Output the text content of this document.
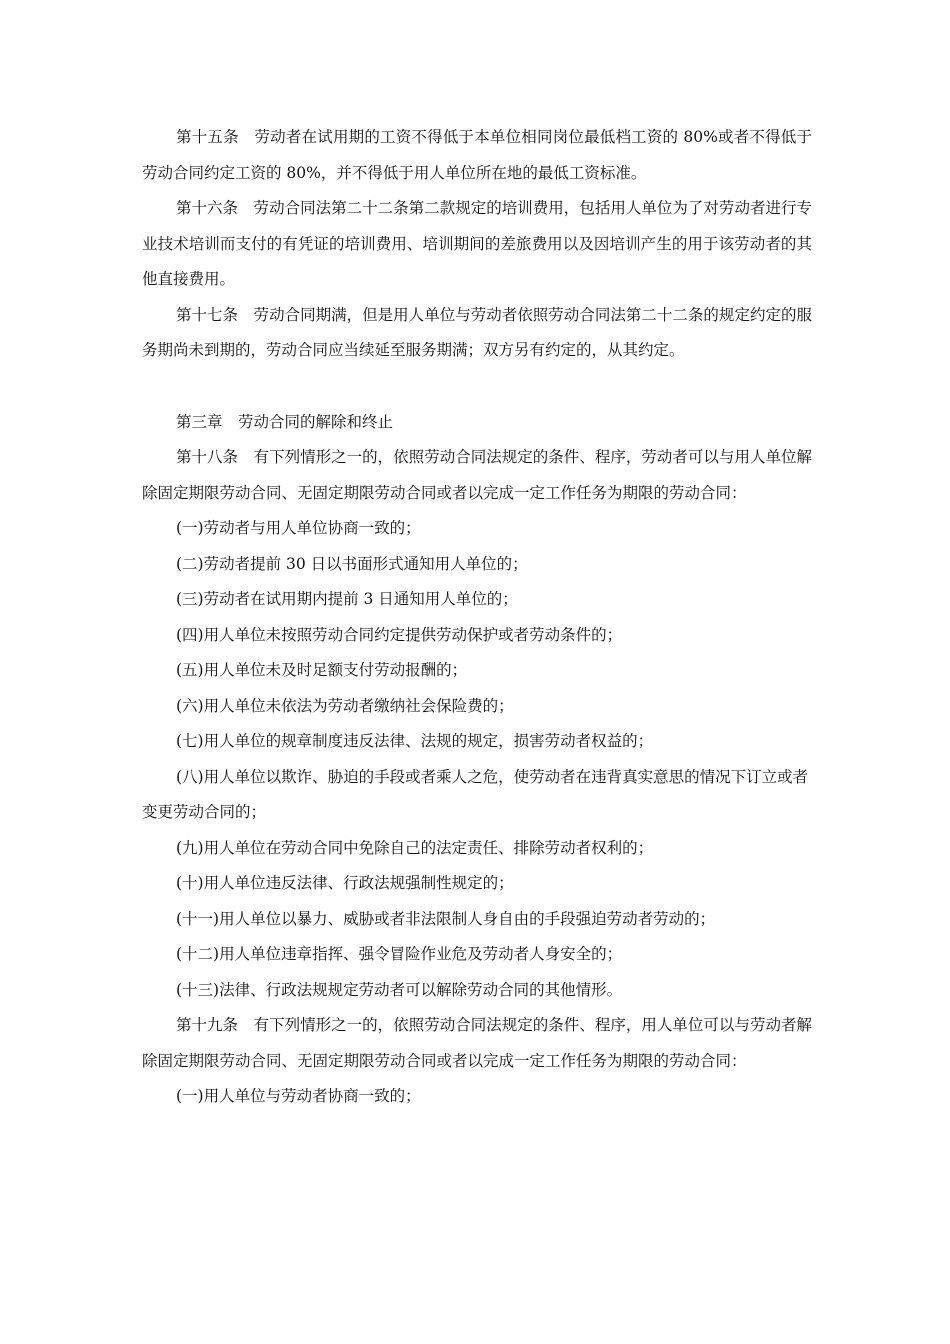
第十五条　劳动者在试用期的工资不得低于本单位相同岗位最低档工资的 80%或者不得低于劳动合同约定工资的 80%，并不得低于用人单位所在地的最低工资标准。

第十六条　劳动合同法第二十二条第二款规定的培训费用，包括用人单位为了对劳动者进行专业技术培训而支付的有凭证的培训费用、培训期间的差旅费用以及因培训产生的用于该劳动者的其他直接费用。

第十七条　劳动合同期满，但是用人单位与劳动者依照劳动合同法第二十二条的规定约定的服务期尚未到期的，劳动合同应当续延至服务期满；双方另有约定的，从其约定。

第三章　劳动合同的解除和终止

第十八条　有下列情形之一的，依照劳动合同法规定的条件、程序，劳动者可以与用人单位解除固定期限劳动合同、无固定期限劳动合同或者以完成一定工作任务为期限的劳动合同：

(一)劳动者与用人单位协商一致的；

(二)劳动者提前 30 日以书面形式通知用人单位的；

(三)劳动者在试用期内提前 3 日通知用人单位的；

(四)用人单位未按照劳动合同约定提供劳动保护或者劳动条件的；

(五)用人单位未及时足额支付劳动报酬的；

(六)用人单位未依法为劳动者缴纳社会保险费的；

(七)用人单位的规章制度违反法律、法规的规定，损害劳动者权益的；

(八)用人单位以欺诈、胁迫的手段或者乘人之危，使劳动者在违背真实意思的情况下订立或者变更劳动合同的；

(九)用人单位在劳动合同中免除自己的法定责任、排除劳动者权利的；

(十)用人单位违反法律、行政法规强制性规定的；

(十一)用人单位以暴力、威胁或者非法限制人身自由的手段强迫劳动者劳动的；

(十二)用人单位违章指挥、强令冒险作业危及劳动者人身安全的；

(十三)法律、行政法规规定劳动者可以解除劳动合同的其他情形。

第十九条　有下列情形之一的，依照劳动合同法规定的条件、程序，用人单位可以与劳动者解除固定期限劳动合同、无固定期限劳动合同或者以完成一定工作任务为期限的劳动合同：

(一)用人单位与劳动者协商一致的；
